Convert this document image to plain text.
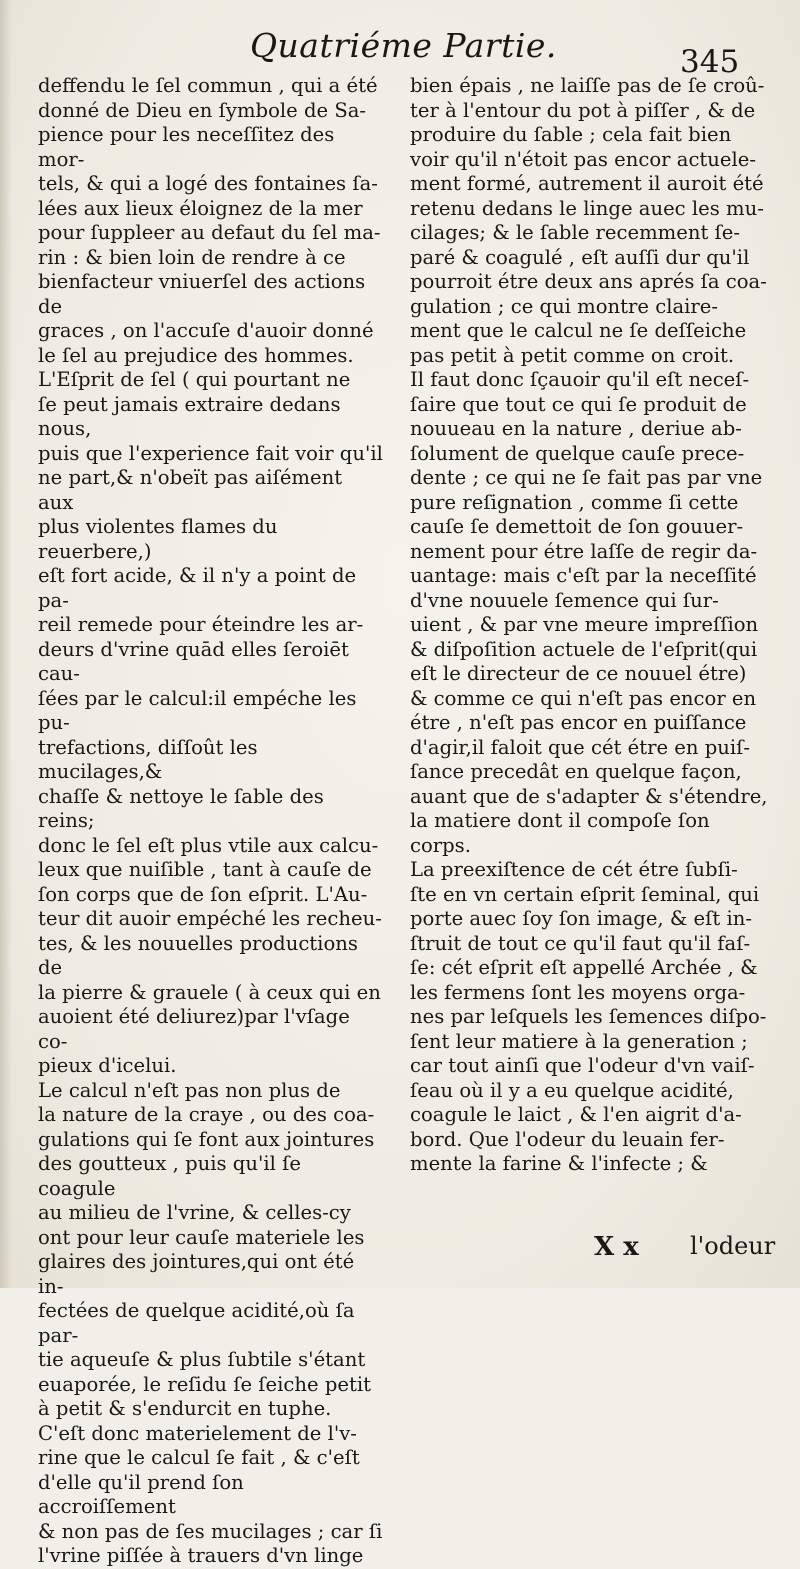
Quatriéme Partie.	345

deffendu le ſel commun , qui a été
donné de Dieu en ſymbole de Sa-
pience pour les neceſſitez des mor-
tels, & qui a logé des fontaines ſa-
lées aux lieux éloignez de la mer
pour ſuppleer au defaut du ſel ma-
rin : & bien loin de rendre à ce
bienfacteur vniuerſel des actions de
graces , on l'accuſe d'auoir donné
le ſel au prejudice des hommes.

L'Eſprit de ſel ( qui pourtant ne
ſe peut jamais extraire dedans nous,
puis que l'experience fait voir qu'il
ne part,& n'obeït pas aiſément aux
plus violentes flames du reuerbere,)
eſt fort acide, & il n'y a point de pa-
reil remede pour éteindre les ar-
deurs d'vrine quād elles ſeroiēt cau-
ſées par le calcul:il empéche les pu-
trefactions, diſſoût les mucilages,&
chaſſe & nettoye le ſable des reins;
donc le ſel eſt plus vtile aux calcu-
leux que nuiſible , tant à cauſe de
ſon corps que de ſon eſprit. L'Au-
teur dit auoir empéché les recheu-
tes, & les nouuelles productions de
la pierre & grauele ( à ceux qui en
auoient été deliurez)par l'vſage co-
pieux d'icelui.

Le calcul n'eſt pas non plus de
la nature de la craye , ou des coa-
gulations qui ſe font aux jointures
des goutteux , puis qu'il ſe coagule
au milieu de l'vrine, & celles-cy
ont pour leur cauſe materiele les
glaires des jointures,qui ont été in-
fectées de quelque acidité,où ſa par-
tie aqueuſe & plus ſubtile s'étant
euaporée, le reſidu ſe ſeiche petit
à petit & s'endurcit en tuphe.

C'eſt donc materielement de l'v-
rine que le calcul ſe fait , & c'eſt
d'elle qu'il prend ſon accroiſſement
& non pas de ſes mucilages ; car ſi
l'vrine piſſée à trauers d'vn linge

bien épais , ne laiſſe pas de ſe croû-
ter à l'entour du pot à piſſer , & de
produire du ſable ; cela fait bien
voir qu'il n'étoit pas encor actuele-
ment formé, autrement il auroit été
retenu dedans le linge auec les mu-
cilages; & le ſable recemment ſe-
paré & coagulé , eſt auſſi dur qu'il
pourroit étre deux ans aprés ſa coa-
gulation ; ce qui montre claire-
ment que le calcul ne ſe deſſeiche
pas petit à petit comme on croit.
Il faut donc ſçauoir qu'il eſt neceſ-
ſaire que tout ce qui ſe produit de
nouueau en la nature , deriue ab-
ſolument de quelque cauſe prece-
dente ; ce qui ne ſe fait pas par vne
pure reſignation , comme ſi cette
cauſe ſe demettoit de ſon gouuer-
nement pour étre laſſe de regir da-
uantage: mais c'eſt par la neceſſité
d'vne nouuele ſemence qui ſur-
uient , & par vne meure impreſſion
& diſpoſition actuele de l'eſprit(qui
eſt le directeur de ce nouuel étre)
& comme ce qui n'eſt pas encor en
étre , n'eſt pas encor en puiſſance
d'agir,il faloit que cét étre en puiſ-
ſance precedât en quelque façon,
auant que de s'adapter & s'étendre,
la matiere dont il compoſe ſon
corps.

La preexiſtence de cét étre ſubſi-
ſte en vn certain eſprit ſeminal, qui
porte auec ſoy ſon image, & eſt in-
ſtruit de tout ce qu'il faut qu'il faſ-
ſe: cét eſprit eſt appellé Archée , &
les fermens ſont les moyens orga-
nes par leſquels les ſemences diſpo-
ſent leur matiere à la generation ;
car tout ainſi que l'odeur d'vn vaiſ-
ſeau où il y a eu quelque acidité,
coagule le laict , & l'en aigrit d'a-
bord. Que l'odeur du leuain fer-
mente la farine & l'infecte ; &

X x l'odeur
